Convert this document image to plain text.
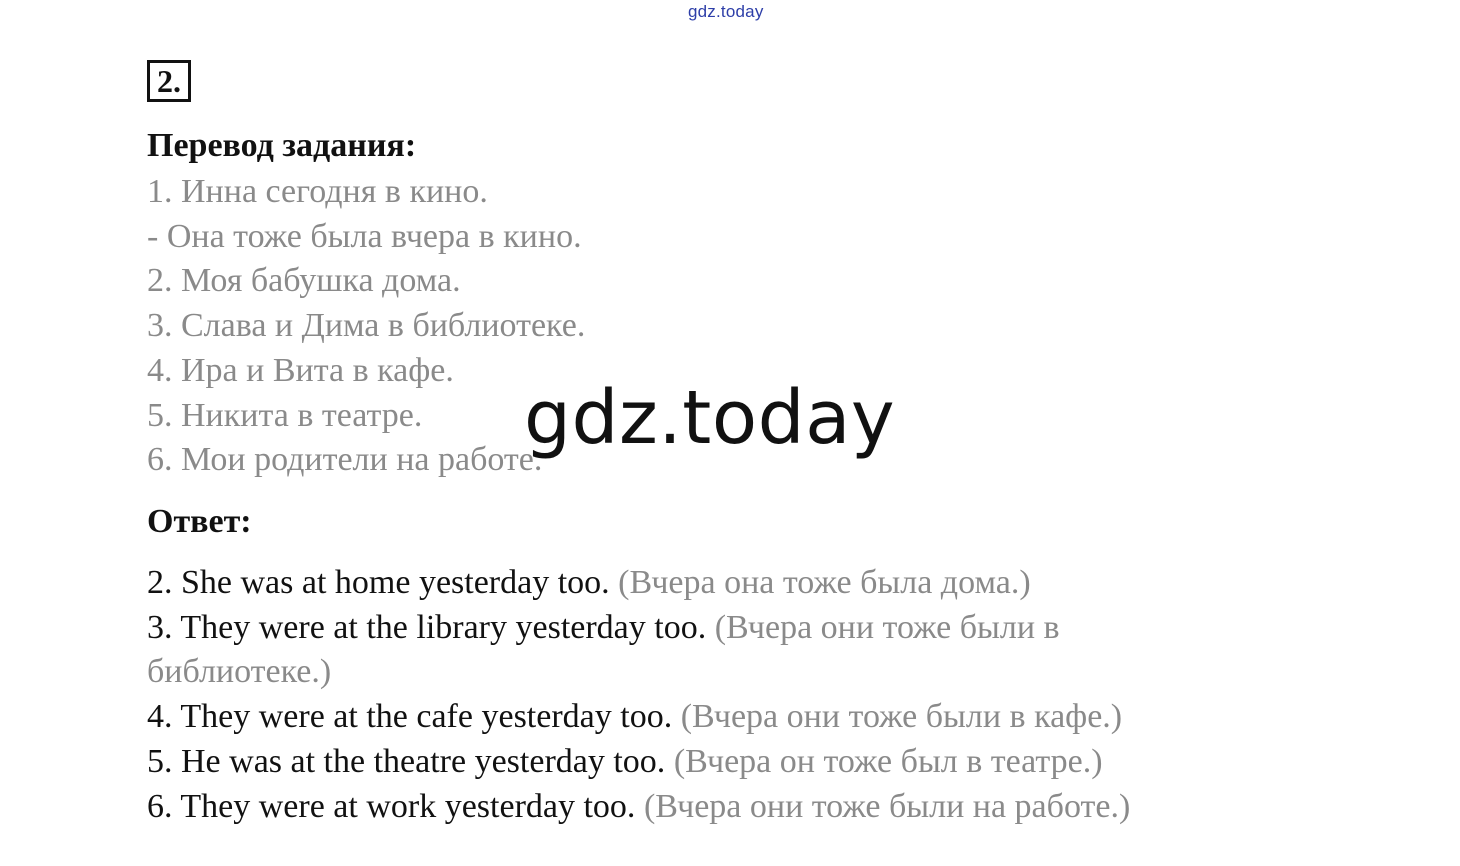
gdz.today
2.
Перевод задания:
1. Инна сегодня в кино.
- Она тоже была вчера в кино.
2. Моя бабушка дома.
3. Слава и Дима в библиотеке.
4. Ира и Вита в кафе.
5. Никита в театре.
6. Мои родители на работе.
gdz.today
Ответ:
2. She was at home yesterday too. (Вчера она тоже была дома.)
3. They were at the library yesterday too. (Вчера они тоже были в
библиотеке.)
4. They were at the cafe yesterday too. (Вчера они тоже были в кафе.)
5. He was at the theatre yesterday too. (Вчера он тоже был в театре.)
6. They were at work yesterday too. (Вчера они тоже были на работе.)
